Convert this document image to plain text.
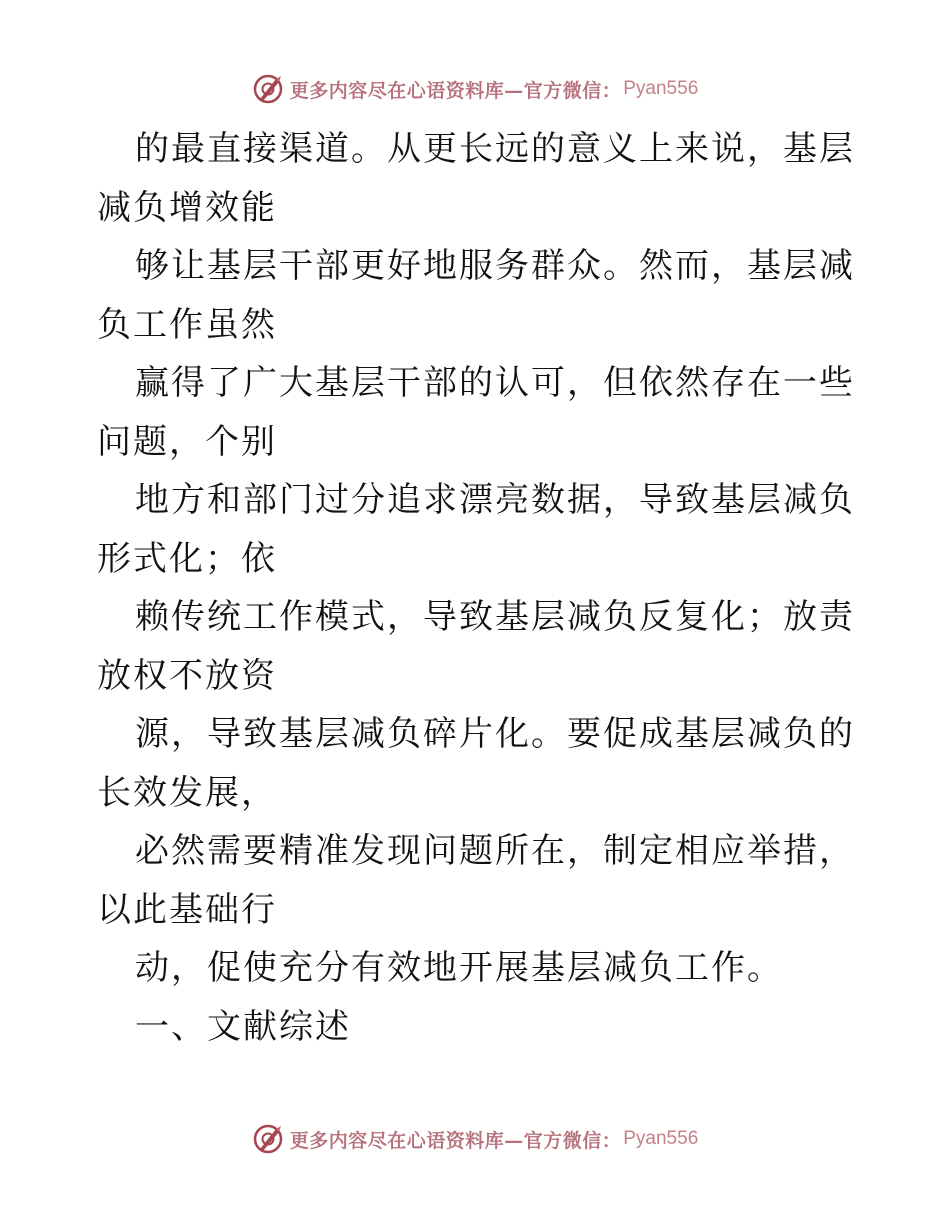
更多内容尽在心语资料库—官方微信： Pyan556

的最直接渠道。从更长远的意义上来说，基层减负增效能

够让基层干部更好地服务群众。然而，基层减负工作虽然

赢得了广大基层干部的认可，但依然存在一些问题，个别

地方和部门过分追求漂亮数据，导致基层减负形式化；依

赖传统工作模式，导致基层减负反复化；放责放权不放资

源，导致基层减负碎片化。要促成基层减负的长效发展，

必然需要精准发现问题所在，制定相应举措，以此基础行

动，促使充分有效地开展基层减负工作。

一、文献综述

更多内容尽在心语资料库—官方微信： Pyan556
